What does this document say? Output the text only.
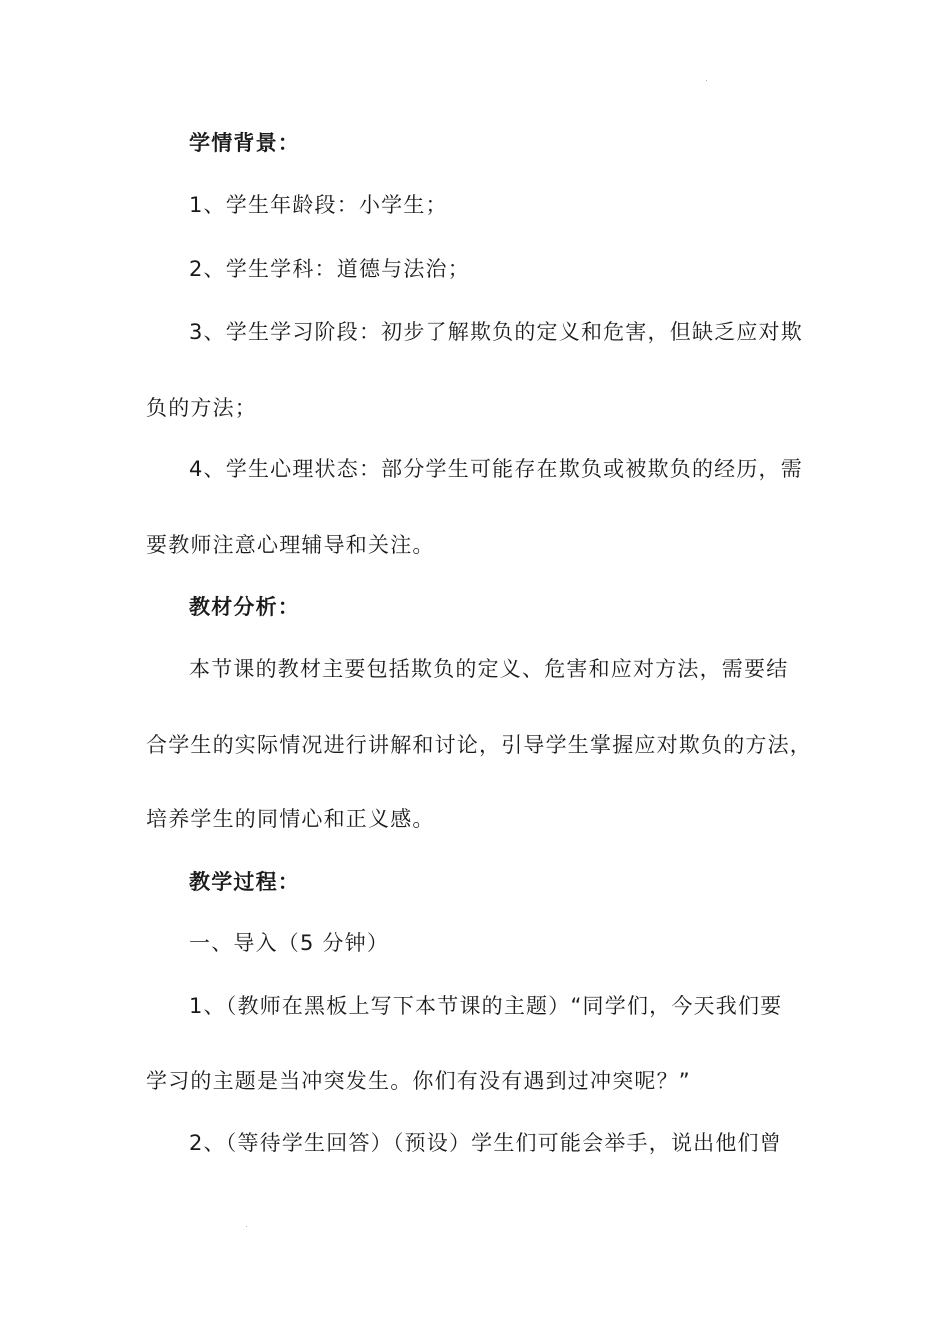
学情背景：
1、学生年龄段：小学生；
2、学生学科：道德与法治；
3、学生学习阶段：初步了解欺负的定义和危害，但缺乏应对欺
负的方法；
4、学生心理状态：部分学生可能存在欺负或被欺负的经历，需
要教师注意心理辅导和关注。
教材分析：
本节课的教材主要包括欺负的定义、危害和应对方法，需要结
合学生的实际情况进行讲解和讨论，引导学生掌握应对欺负的方法，
培养学生的同情心和正义感。
教学过程：
一、导入（5 分钟）
1、（教师在黑板上写下本节课的主题）“同学们，今天我们要
学习的主题是当冲突发生。你们有没有遇到过冲突呢？”
2、（等待学生回答）（预设）学生们可能会举手，说出他们曾
